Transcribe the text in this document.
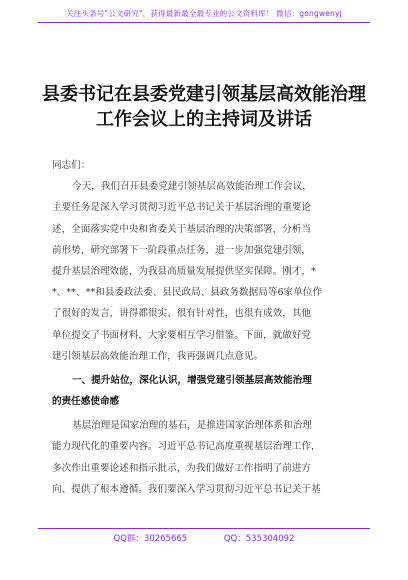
关注头条号"公文研究"，获得最新最全最专业的公文资料库！ 微信：gongwenyj
县委书记在县委党建引领基层高效能治理
工作会议上的主持词及讲话
同志们：
今天，我们召开县委党建引领基层高效能治理工作会议，
主要任务是深入学习贯彻习近平总书记关于基层治理的重要论
述，全面落实党中央和省委关于基层治理的决策部署，分析当
前形势，研究部署下一阶段重点任务，进一步加强党建引领，
提升基层治理效能，为我县高质量发展提供坚实保障。刚才，*
*、**、**和县委政法委、县民政局、县政务数据局等6家单位作
了很好的发言，讲得都很实、很有针对性，也很有成效，其他
单位提交了书面材料，大家要相互学习借鉴。下面，就做好党
建引领基层高效能治理工作，我再强调几点意见。
一、提升站位，深化认识，增强党建引领基层高效能治理
的责任感使命感
基层治理是国家治理的基石，是推进国家治理体系和治理
能力现代化的重要内容。习近平总书记高度重视基层治理工作，
多次作出重要论述和指示批示，为我们做好工作指明了前进方
向、提供了根本遵循。我们要深入学习贯彻习近平总书记关于基
QQ群：30265665	QQ：535304092
